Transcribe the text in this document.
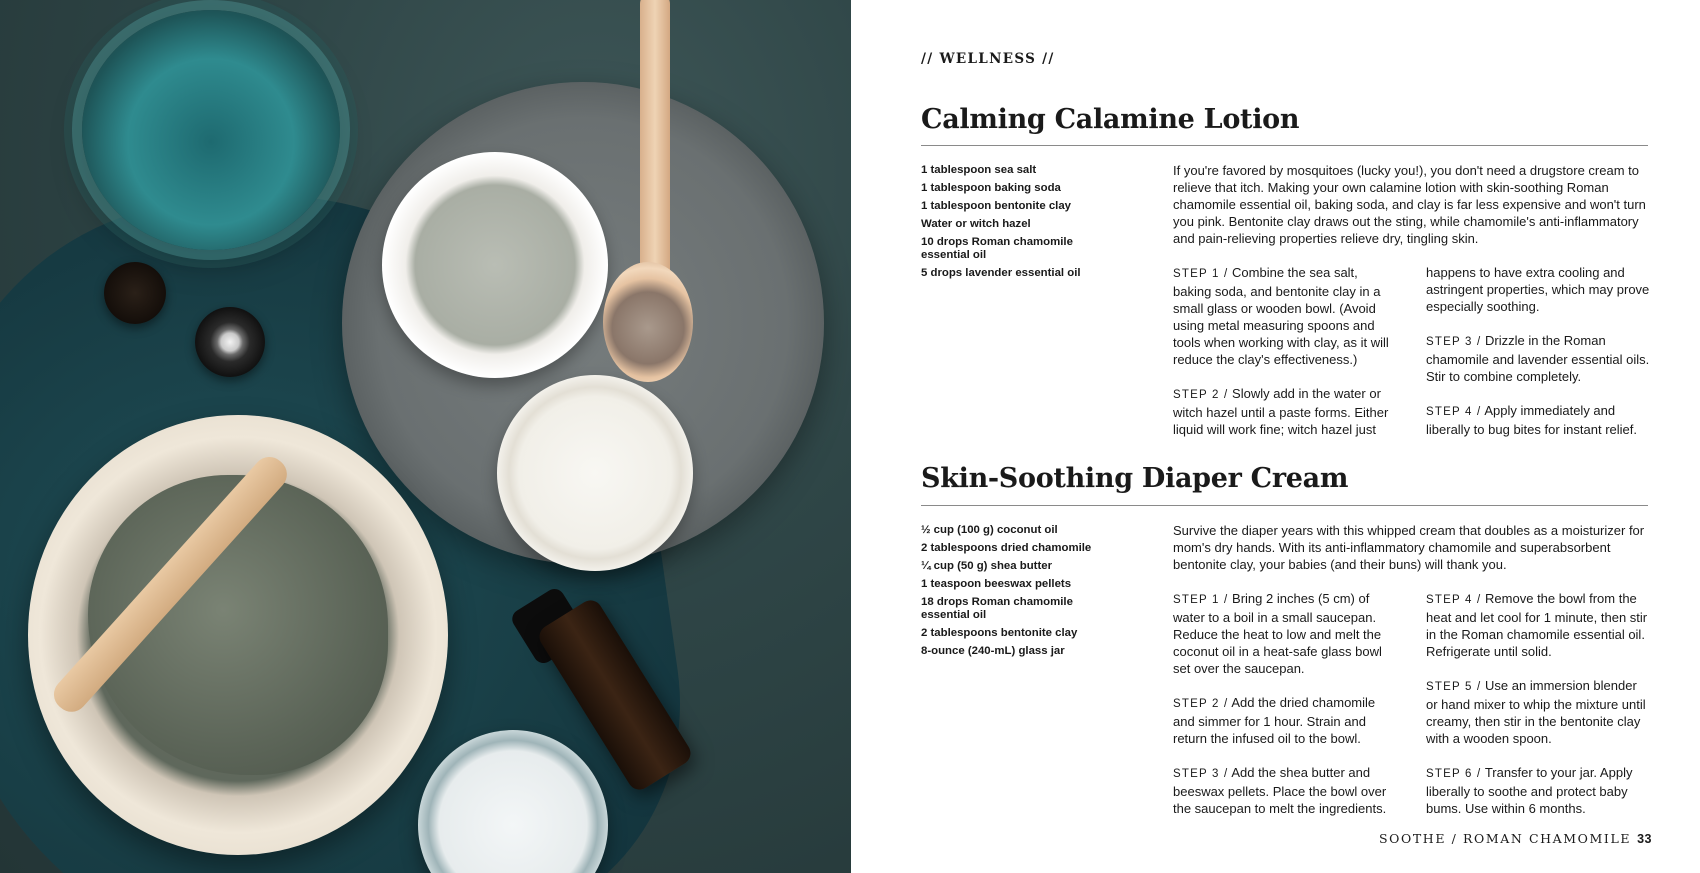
// WELLNESS //
Calming Calamine Lotion
1 tablespoon sea salt
1 tablespoon baking soda
1 tablespoon bentonite clay
Water or witch hazel
10 drops Roman chamomile essential oil
5 drops lavender essential oil

If you're favored by mosquitoes (lucky you!), you don't need a drugstore cream to relieve that itch. Making your own calamine lotion with skin-soothing Roman chamomile essential oil, baking soda, and clay is far less expensive and won't turn you pink. Bentonite clay draws out the sting, while chamomile's anti-inflammatory and pain-relieving properties relieve dry, tingling skin.

STEP 1 / Combine the sea salt, baking soda, and bentonite clay in a small glass or wooden bowl. (Avoid using metal measuring spoons and tools when working with clay, as it will reduce the clay's effectiveness.)

STEP 2 / Slowly add in the water or witch hazel until a paste forms. Either liquid will work fine; witch hazel just

happens to have extra cooling and astringent properties, which may prove especially soothing.

STEP 3 / Drizzle in the Roman chamomile and lavender essential oils. Stir to combine completely.

STEP 4 / Apply immediately and liberally to bug bites for instant relief.

Skin-Soothing Diaper Cream
½ cup (100 g) coconut oil
2 tablespoons dried chamomile
¼ cup (50 g) shea butter
1 teaspoon beeswax pellets
18 drops Roman chamomile essential oil
2 tablespoons bentonite clay
8-ounce (240-mL) glass jar

Survive the diaper years with this whipped cream that doubles as a moisturizer for mom's dry hands. With its anti-inflammatory chamomile and superabsorbent bentonite clay, your babies (and their buns) will thank you.

STEP 1 / Bring 2 inches (5 cm) of water to a boil in a small saucepan. Reduce the heat to low and melt the coconut oil in a heat-safe glass bowl set over the saucepan.

STEP 2 / Add the dried chamomile and simmer for 1 hour. Strain and return the infused oil to the bowl.

STEP 3 / Add the shea butter and beeswax pellets. Place the bowl over the saucepan to melt the ingredients.

STEP 4 / Remove the bowl from the heat and let cool for 1 minute, then stir in the Roman chamomile essential oil. Refrigerate until solid.

STEP 5 / Use an immersion blender or hand mixer to whip the mixture until creamy, then stir in the bentonite clay with a wooden spoon.

STEP 6 / Transfer to your jar. Apply liberally to soothe and protect baby bums. Use within 6 months.

SOOTHE / ROMAN CHAMOMILE 33
